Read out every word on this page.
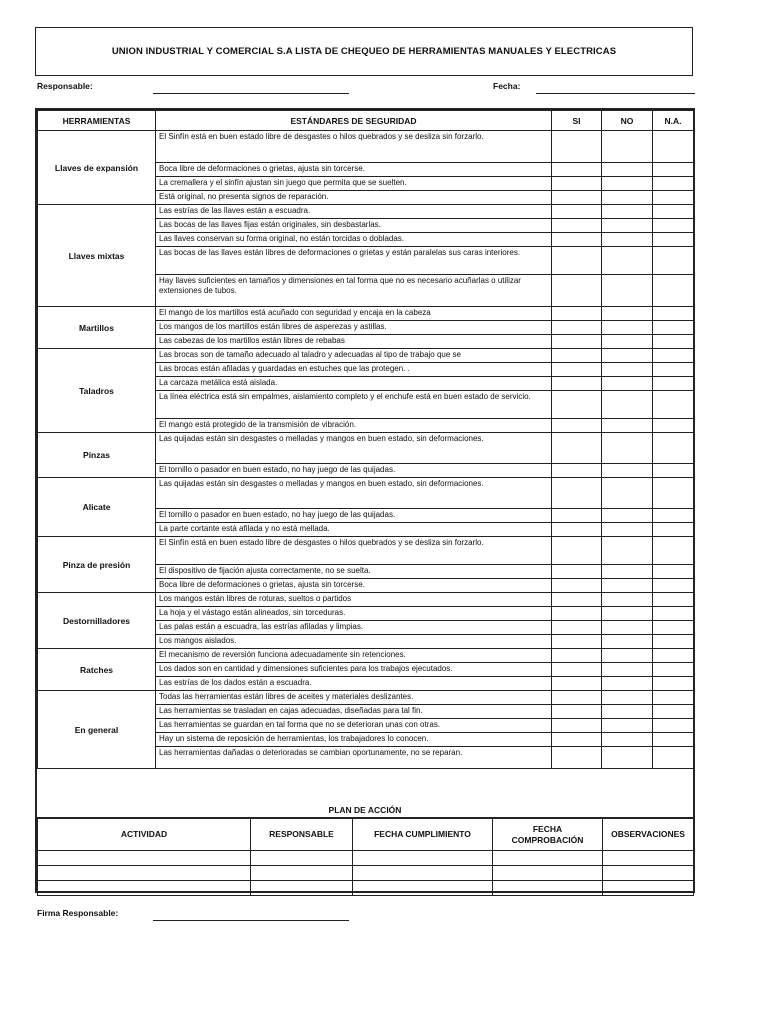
UNION INDUSTRIAL Y COMERCIAL S.A LISTA DE CHEQUEO DE HERRAMIENTAS MANUALES Y ELECTRICAS
Responsable:	Fecha:
HERRAMIENTAS	ESTÁNDARES DE SEGURIDAD	SI	NO	N.A.
Llaves de expansión	El Sinfín está en buen estado libre de desgastes o hilos quebrados y se desliza sin forzarlo.			
	Boca libre de deformaciones o grietas, ajusta sin torcerse.			
	La cremallera y el sinfín ajustan sin juego que permita que se suelten.			
	Está original, no presenta signos de reparación.			
Llaves mixtas	Las estrías de las llaves están a escuadra.			
	Las bocas de las llaves fijas están originales, sin desbastarlas.			
	Las llaves conservan su forma original, no están torcidas o dobladas.			
	Las bocas de las llaves están libres de deformaciones o grietas y están paralelas sus caras interiores.			
	Hay llaves suficientes en tamaños y dimensiones en tal forma que no es necesario acuñarlas o utilizar extensiones de tubos.			
Martillos	El mango de los martillos está acuñado con seguridad y encaja en la cabeza			
	Los mangos de los martillos están libres de asperezas y astillas.			
	Las cabezas de los martillos están libres de rebabas			
Taladros	Las brocas son de tamaño adecuado al taladro y adecuadas al tipo de trabajo que se			
	Las brocas están afiladas y guardadas en estuches que las protegen. .			
	La carcaza metálica está aislada.			
	La línea eléctrica está sin empalmes, aislamiento completo y el enchufe está en buen estado de servicio.			
	El mango está protegido de la transmisión de vibración.			
Pinzas	Las quijadas están sin desgastes o melladas y mangos en buen estado, sin deformaciones.			
	El tornillo o pasador en buen estado, no hay juego de las quijadas.			
Alicate	Las quijadas están sin desgastes o melladas y mangos en buen estado, sin deformaciones.			
	El tornillo o pasador en buen estado, no hay juego de las quijadas.			
	La parte cortante está afilada y no está mellada.			
Pinza de presión	El Sinfín está en buen estado libre de desgastes o hilos quebrados y se desliza sin forzarlo.			
	El dispositivo de fijación ajusta correctamente, no se suelta.			
	Boca libre de deformaciones o grietas, ajusta sin torcerse.			
Destornilladores	Los mangos están libres de roturas, sueltos o partidos			
	La hoja y el vástago están alineados, sin torceduras.			
	Las palas están a escuadra, las estrías afiladas y limpias.			
	Los mangos aislados.			
Ratches	El mecanismo de reversión funciona adecuadamente sin retenciones.			
	Los dados son en cantidad y dimensiones suficientes para los trabajos ejecutados.			
	Las estrías de los dados están a escuadra.			
En general	Todas las herramientas están libres de aceites y materiales deslizantes.			
	Las herramientas se trasladan en cajas adecuadas, diseñadas para tal fin.			
	Las herramientas se guardan en tal forma que no se deterioran unas con otras.			
	Hay un sistema de reposición de herramientas, los trabajadores lo conocen.			
	Las herramientas dañadas o deterioradas se cambian oportunamente, no se reparan.			
PLAN DE ACCIÓN
ACTIVIDAD	RESPONSABLE	FECHA CUMPLIMIENTO	FECHA COMPROBACIÓN	OBSERVACIONES

Firma Responsable:
